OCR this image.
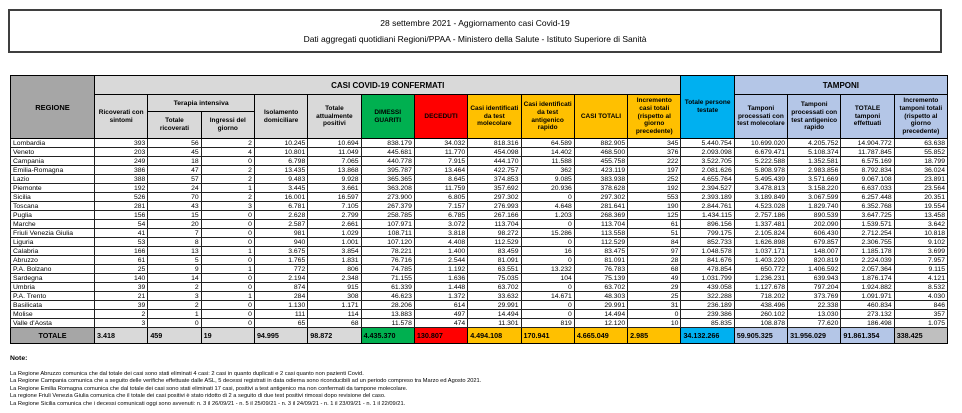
28 settembre 2021 - Aggiornamento casi Covid-19
Dati aggregati quotidiani Regioni/PPAA - Ministero della Salute - Istituto Superiore di Sanità
REGIONE	CASI COVID-19 CONFERMATI											Totale persone testate	TAMPONI			
	Ricoverati con sintomi	Terapia intensiva		Isolamento domiciliare	Totale attualmente positivi	DIMESSI GUARITI	DECEDUTI	Casi identificati da test molecolare	Casi identificati da test antigenico rapido	CASI TOTALI	Incremento casi totali (rispetto al giorno precedente)		Tamponi processati con test molecolare	Tamponi processati con test antigenico rapido	TOTALE tamponi effettuati	Incremento tamponi totali (rispetto al giorno precedente)
		Totale ricoverati	Ingressi del giorno													
Lombardia	393	56	2	10.245	10.694	838.179	34.032	818.316	64.589	882.905	345	5.440.754	10.699.020	4.205.752	14.904.772	63.638
Veneto	203	45	4	10.801	11.049	445.681	11.770	454.098	14.402	468.500	376	2.093.098	6.679.471	5.108.374	11.787.845	55.852
Campania	249	18	0	6.798	7.065	440.778	7.915	444.170	11.588	455.758	222	3.522.705	5.222.588	1.352.581	6.575.169	18.799
Emilia-Romagna	386	47	2	13.435	13.868	395.787	13.464	422.757	362	423.119	197	2.081.626	5.808.978	2.983.856	8.792.834	36.024
Lazio	388	57	2	9.483	9.928	365.365	8.645	374.853	9.085	383.938	252	4.655.764	5.495.439	3.571.669	9.067.108	23.891
Piemonte	192	24	1	3.445	3.661	363.208	11.759	357.692	20.936	378.628	192	2.394.527	3.478.813	3.158.220	6.637.033	23.564
Sicilia	526	70	2	16.001	16.597	273.900	6.805	297.302	0	297.302	553	2.393.189	3.189.849	3.067.599	6.257.448	20.351
Toscana	281	43	3	6.781	7.105	267.379	7.157	276.993	4.648	281.641	190	2.844.761	4.523.028	1.829.740	6.352.768	19.554
Puglia	156	15	0	2.628	2.799	258.785	6.785	267.166	1.203	268.369	125	1.434.115	2.757.186	890.539	3.647.725	13.458
Marche	54	20	0	2.587	2.661	107.971	3.072	113.704	0	113.704	61	896.156	1.337.481	202.090	1.539.571	3.642
Friuli Venezia Giulia	41	7	0	981	1.029	108.711	3.818	98.272	15.286	113.558	51	799.175	2.105.824	606.430	2.712.254	10.818
Liguria	53	8	0	940	1.001	107.120	4.408	112.529	0	112.529	84	852.733	1.626.898	679.857	2.306.755	9.102
Calabria	166	13	1	3.675	3.854	78.221	1.400	83.459	16	83.475	97	1.048.578	1.037.171	148.007	1.185.178	3.699
Abruzzo	61	5	0	1.765	1.831	76.716	2.544	81.091	0	81.091	28	841.676	1.403.220	820.819	2.224.039	7.957
P.A. Bolzano	25	9	1	772	806	74.785	1.192	63.551	13.232	76.783	68	478.854	650.772	1.406.592	2.057.364	9.115
Sardegna	140	14	0	2.194	2.348	71.155	1.636	75.035	104	75.139	49	1.031.799	1.236.231	639.943	1.876.174	4.121
Umbria	39	2	0	874	915	61.339	1.448	63.702	0	63.702	29	439.058	1.127.678	797.204	1.924.882	8.532
P.A. Trento	21	3	1	284	308	46.623	1.372	33.632	14.671	48.303	25	322.288	718.202	373.769	1.091.971	4.030
Basilicata	39	2	0	1.130	1.171	28.206	614	29.991	0	29.991	31	236.189	438.496	22.338	460.834	846
Molise	2	1	0	111	114	13.883	497	14.494	0	14.494	0	239.386	260.102	13.030	273.132	357
Valle d'Aosta	3	0	0	65	68	11.578	474	11.301	819	12.120	10	85.835	108.878	77.620	186.498	1.075
TOTALE	3.418	459	19	94.995	98.872	4.435.370	130.807	4.494.108	170.941	4.665.049	2.985	34.132.266	59.905.325	31.956.029	91.861.354	338.425
Note:
La Regione Abruzzo comunica che dal totale dei casi sono stati eliminati 4 casi: 2 casi in quanto duplicati e 2 casi quanto non pazienti Covid.
La Regione Campania comunica che a seguito delle verifiche effettuate dalle ASL, 5 decessi registrati in data odierna sono riconducibili ad un periodo compreso tra Marzo ed Agosto 2021.
La Regione Emilia Romagna comunica che dal totale dei casi sono stati eliminati 17 casi, positivi a test antigenico ma non confermati da tampone molecolare.
La regione Friuli Venezia Giulia comunica che il totale dei casi positivi è stato ridotto di 2 a seguito di due test positivi rimossi dopo revisione del caso.
La Regione Sicilia comunica che i decessi comunicati oggi sono avvenuti: n. 3 il 26/09/21 - n. 5 il 25/09/21 - n. 3 il 24/09/21 - n. 1 il 23/09/21 - n. 1 il 22/09/21.
